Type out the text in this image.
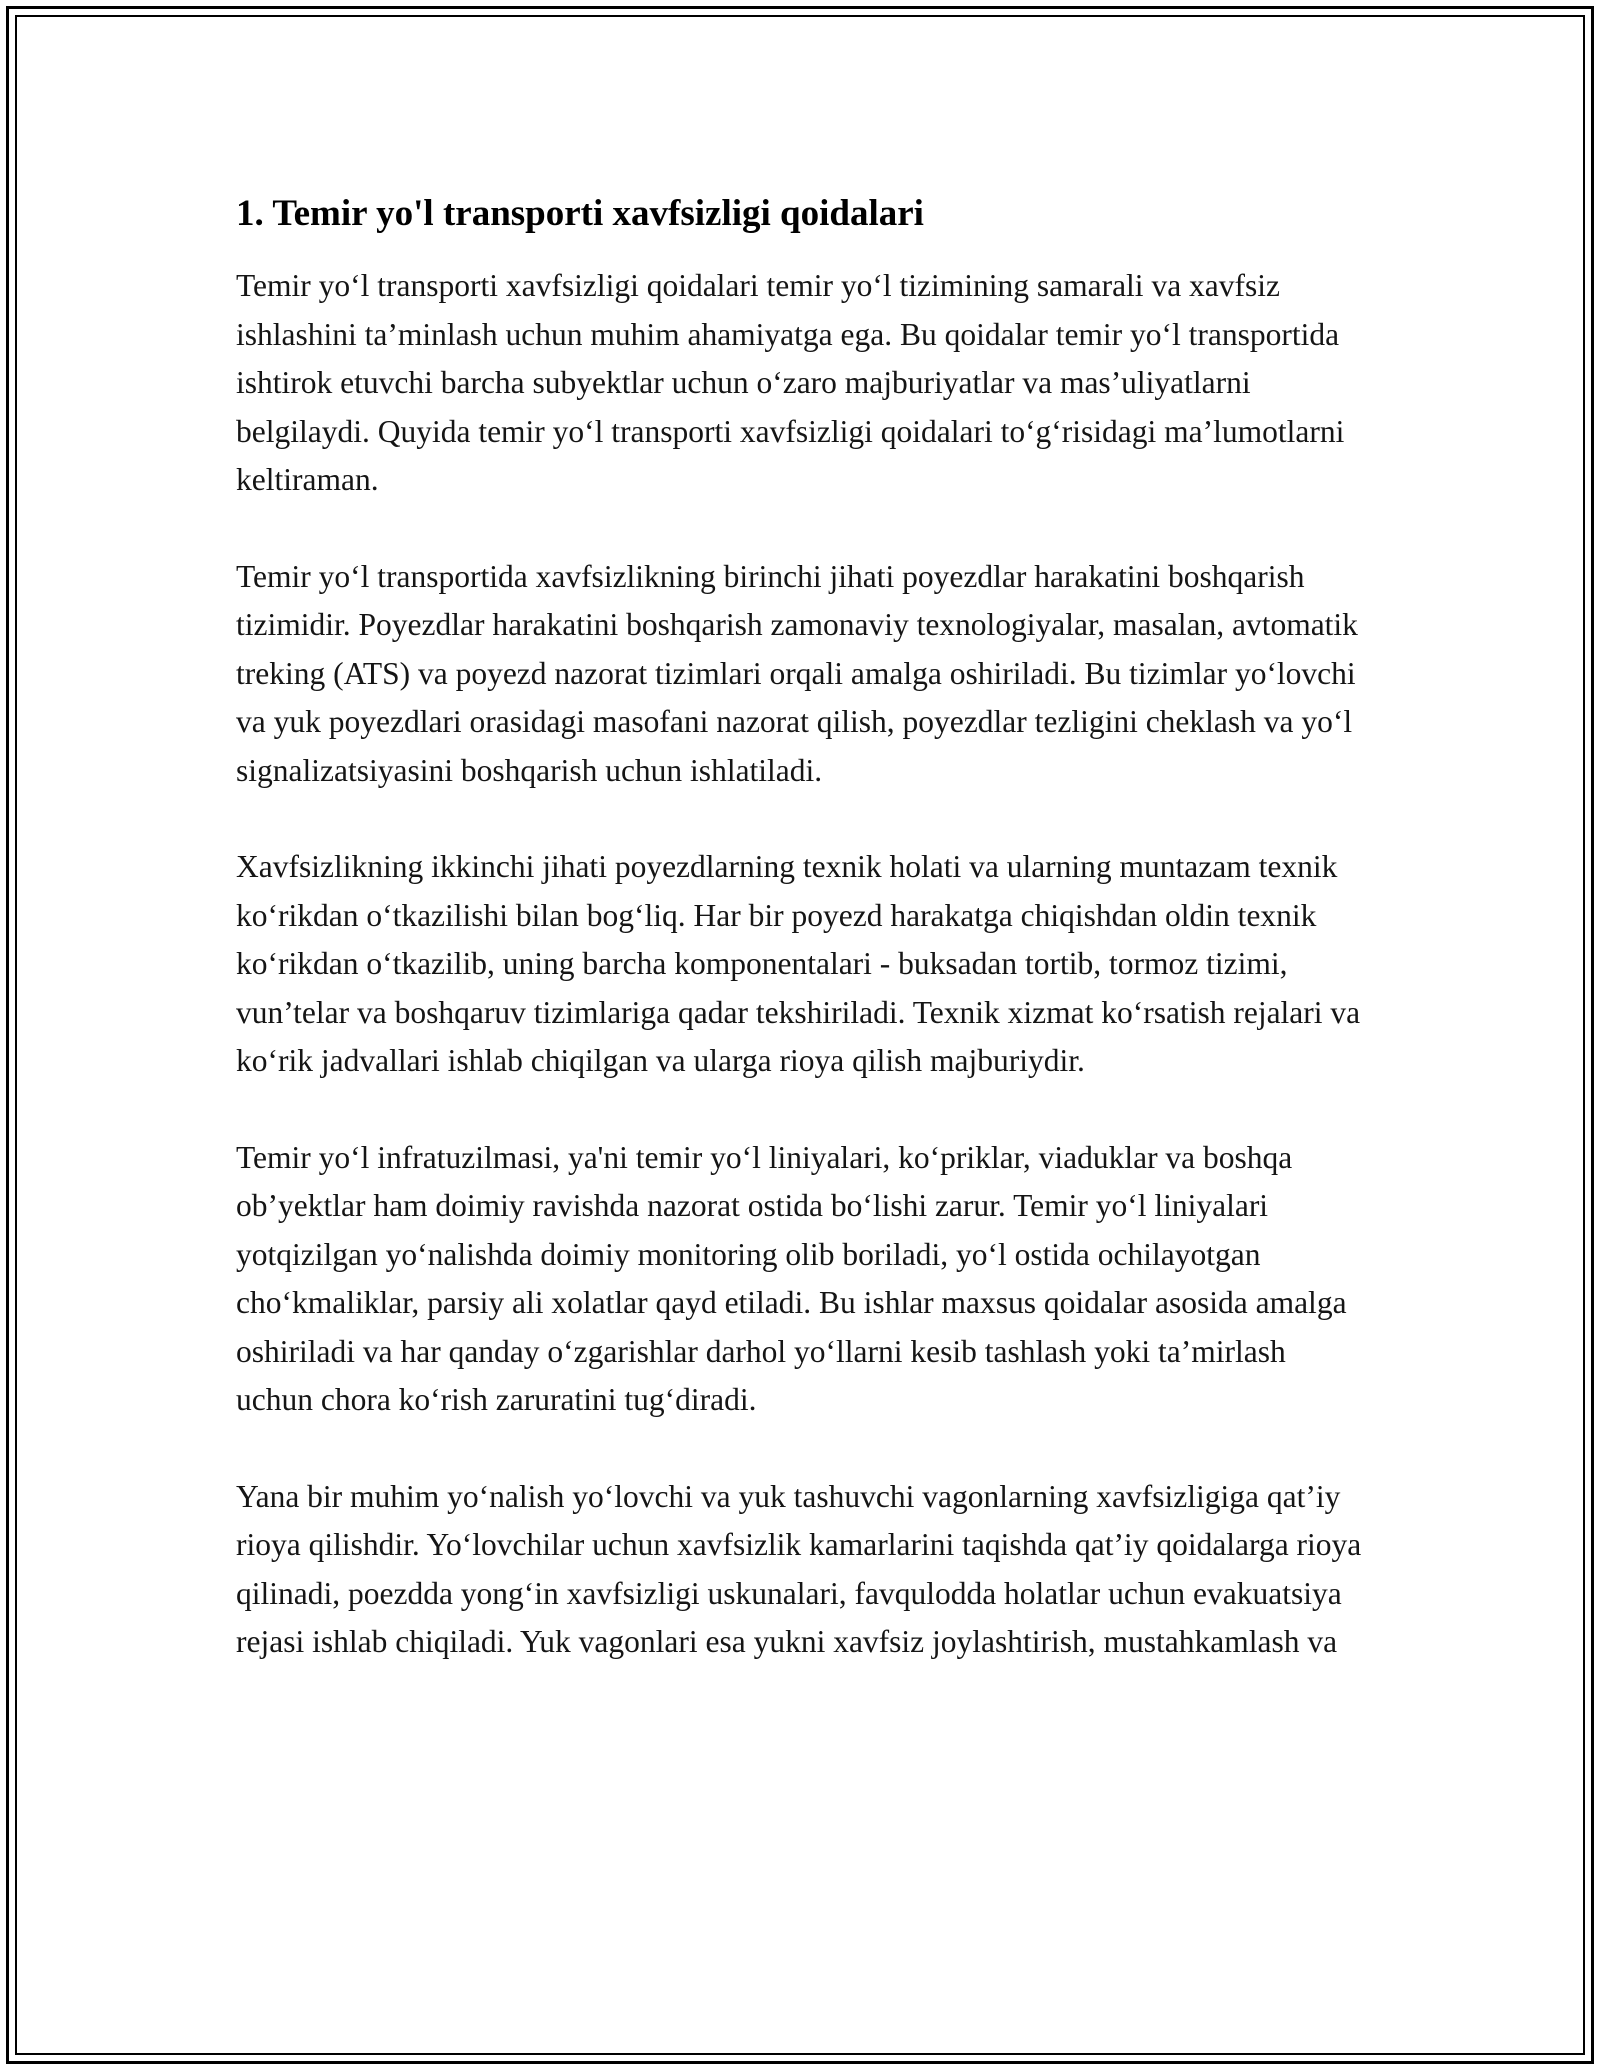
1. Temir yo'l transporti xavfsizligi qoidalari

Temir yo‘l transporti xavfsizligi qoidalari temir yo‘l tizimining samarali va xavfsiz ishlashini ta’minlash uchun muhim ahamiyatga ega. Bu qoidalar temir yo‘l transportida ishtirok etuvchi barcha subyektlar uchun o‘zaro majburiyatlar va mas’uliyatlarni belgilaydi. Quyida temir yo‘l transporti xavfsizligi qoidalari to‘g‘risidagi ma’lumotlarni keltiraman.

Temir yo‘l transportida xavfsizlikning birinchi jihati poyezdlar harakatini boshqarish tizimidir. Poyezdlar harakatini boshqarish zamonaviy texnologiyalar, masalan, avtomatik treking (ATS) va poyezd nazorat tizimlari orqali amalga oshiriladi. Bu tizimlar yo‘lovchi va yuk poyezdlari orasidagi masofani nazorat qilish, poyezdlar tezligini cheklash va yo‘l signalizatsiyasini boshqarish uchun ishlatiladi.

Xavfsizlikning ikkinchi jihati poyezdlarning texnik holati va ularning muntazam texnik ko‘rikdan o‘tkazilishi bilan bog‘liq. Har bir poyezd harakatga chiqishdan oldin texnik ko‘rikdan o‘tkazilib, uning barcha komponentalari - buksadan tortib, tormoz tizimi, vun’telar va boshqaruv tizimlariga qadar tekshiriladi. Texnik xizmat ko‘rsatish rejalari va ko‘rik jadvallari ishlab chiqilgan va ularga rioya qilish majburiydir.

Temir yo‘l infratuzilmasi, ya'ni temir yo‘l liniyalari, ko‘priklar, viaduklar va boshqa ob’yektlar ham doimiy ravishda nazorat ostida bo‘lishi zarur. Temir yo‘l liniyalari yotqizilgan yo‘nalishda doimiy monitoring olib boriladi, yo‘l ostida ochilayotgan cho‘kmaliklar, parsiy ali xolatlar qayd etiladi. Bu ishlar maxsus qoidalar asosida amalga oshiriladi va har qanday o‘zgarishlar darhol yo‘llarni kesib tashlash yoki ta’mirlash uchun chora ko‘rish zaruratini tug‘diradi.

Yana bir muhim yo‘nalish yo‘lovchi va yuk tashuvchi vagonlarning xavfsizligiga qat’iy rioya qilishdir. Yo‘lovchilar uchun xavfsizlik kamarlarini taqishda qat’iy qoidalarga rioya qilinadi, poezdda yong‘in xavfsizligi uskunalari, favqulodda holatlar uchun evakuatsiya rejasi ishlab chiqiladi. Yuk vagonlari esa yukni xavfsiz joylashtirish, mustahkamlash va
